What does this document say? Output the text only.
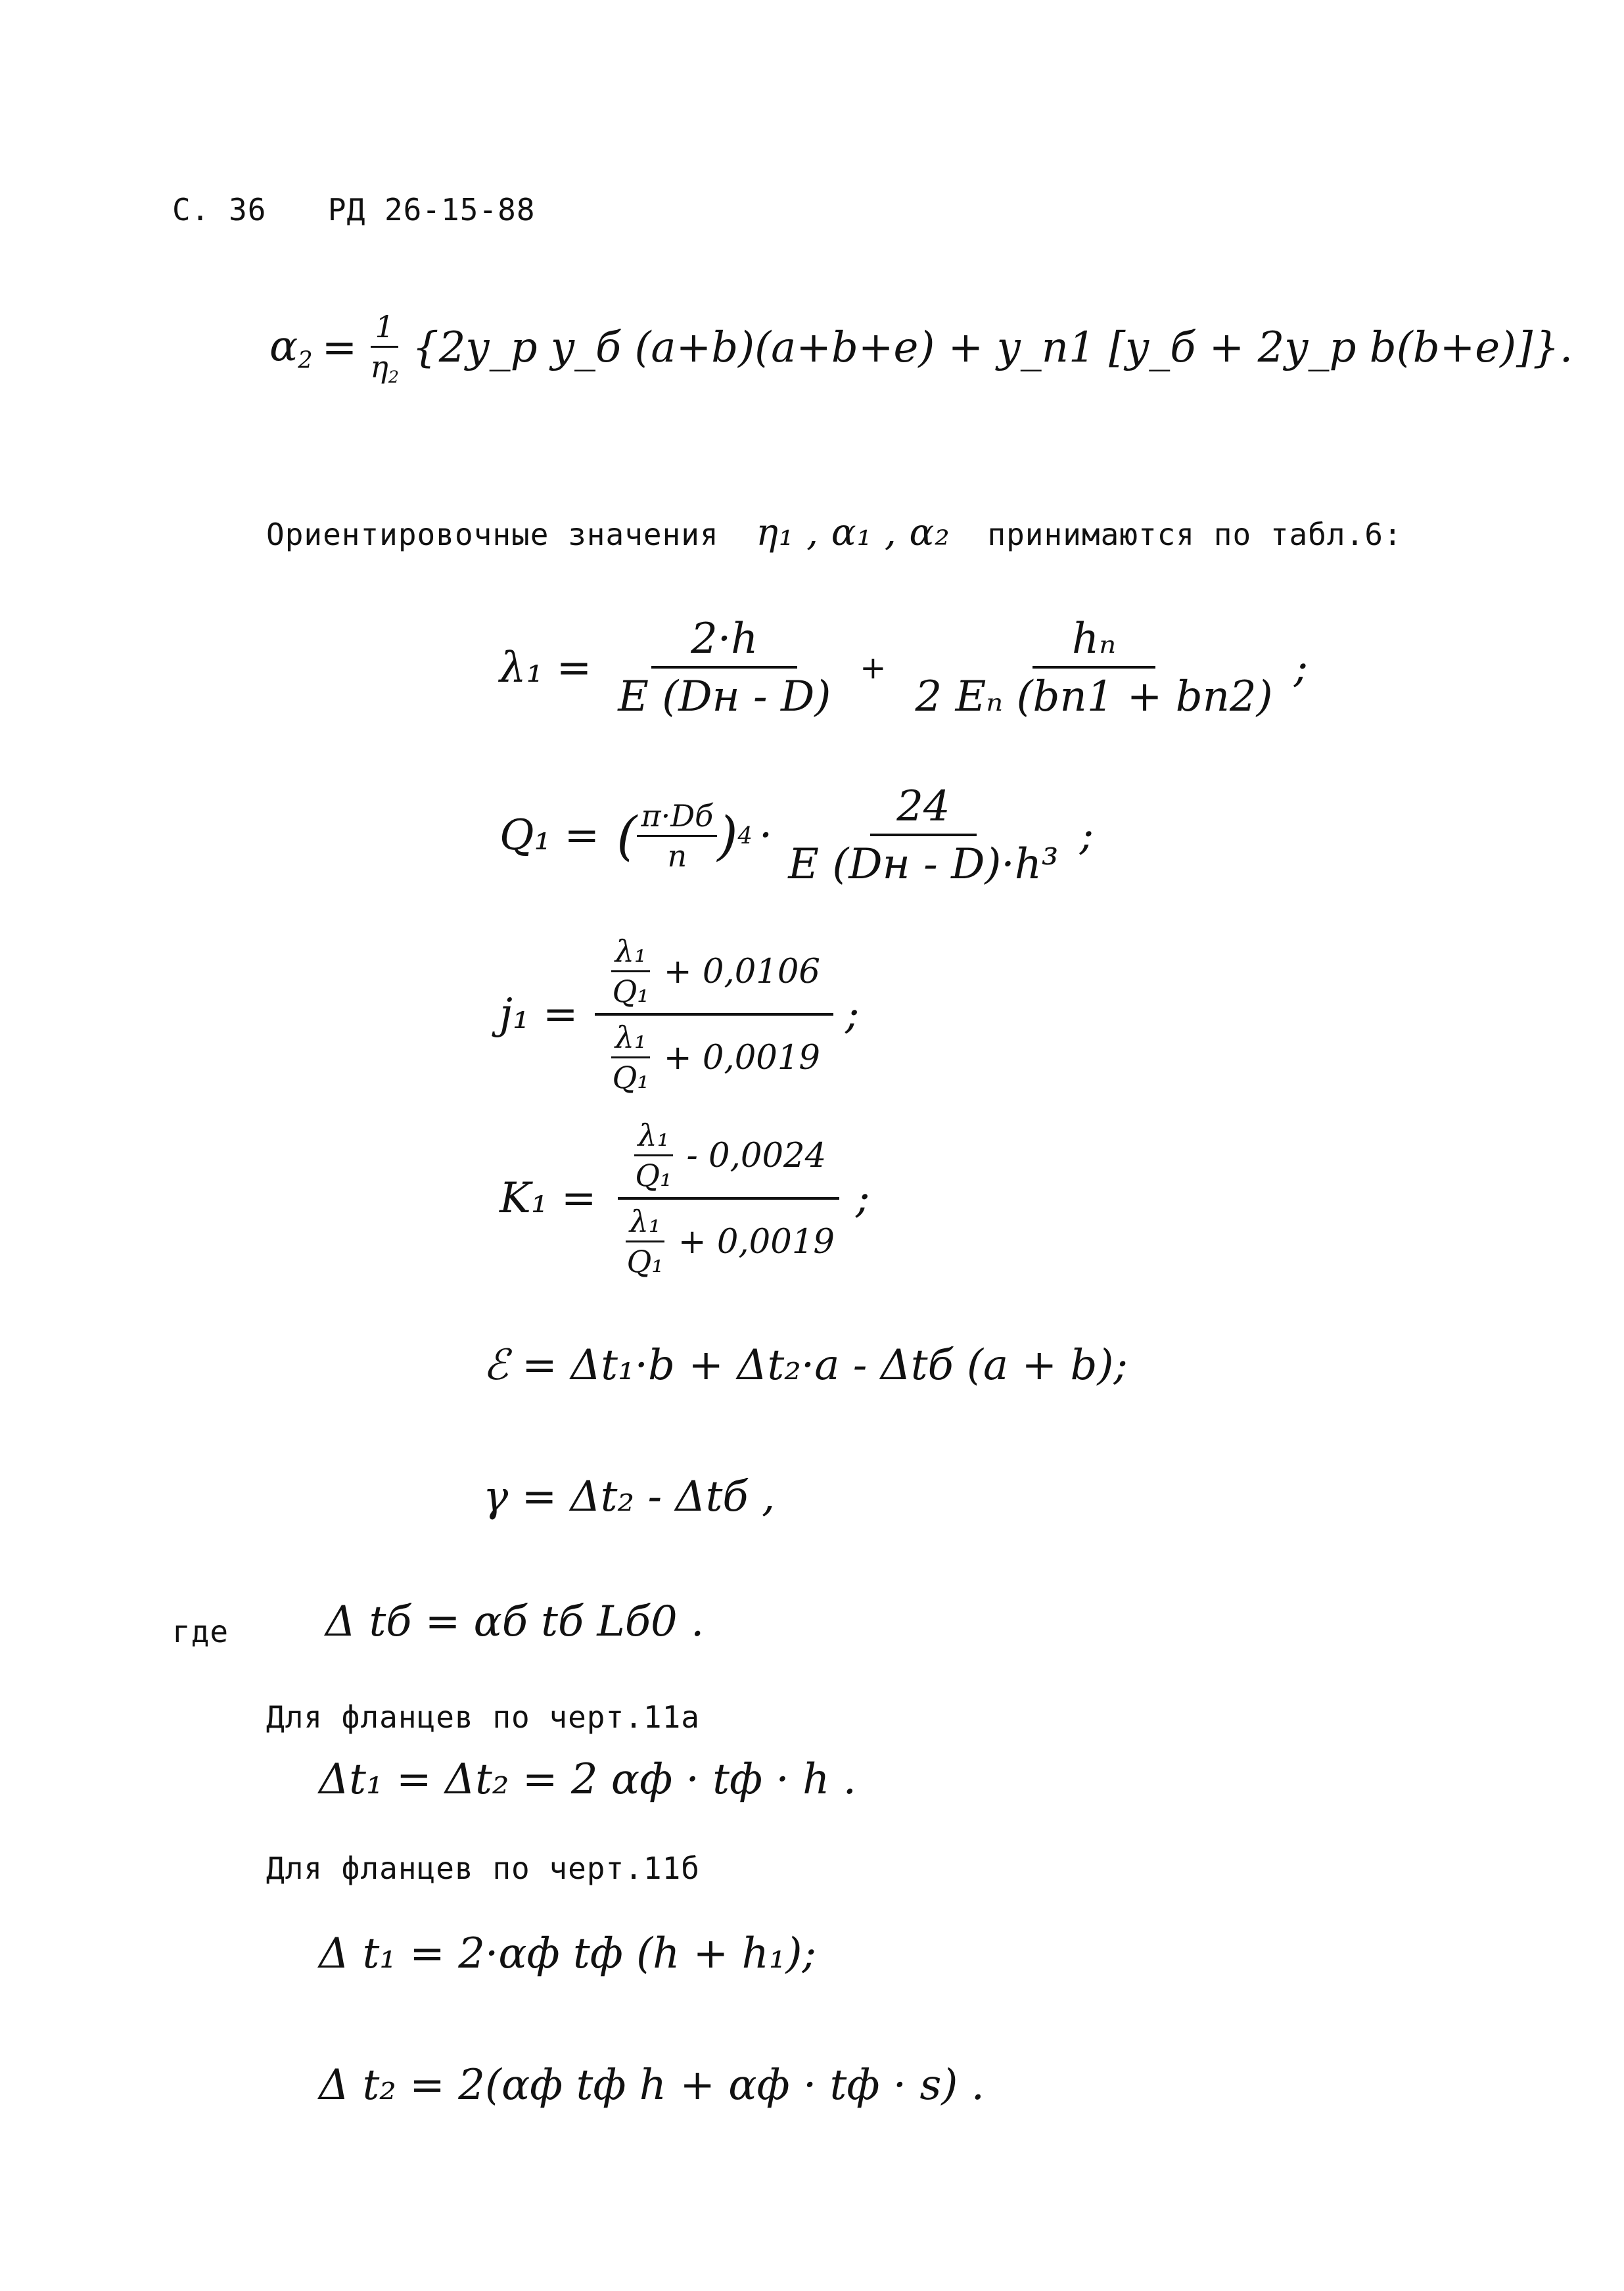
С. 36 РД 26-15-88
$\alpha_2 = \frac{1}{\eta_2}$ {2y_p y_б (a+b)(a+b+e) + y_п1 [y_б + 2y_p b(b+e)]}.
Ориентировочные значения η₁ , α₁ , α₂ принимаются по табл.6:
$\lambda_1 = \frac{2\cdot h}{E (Dн - D)} + \frac{\text{hₙ}}{\text{2 Eₙ (bп1 + bп2)}}$ ;
Q₁ = ( $\frac{\pi\cdot Dб}{n}$ ) $4 \cdot \frac{24}{\text{E (Dн - D)·h³}}$ ;
$j_1 = \frac{\frac{\text{λ₁}}{\text{Q₁}} + 0,0106}{\frac{\text{λ₁}}{\text{Q₁}} + 0,0019}$ ;
$K_1 = \frac{\frac{\text{λ₁}}{\text{Q₁}} - 0,0024}{\frac{\text{λ₁}}{\text{Q₁}} + 0,0019}$ ;
ℰ = Δt₁·b + Δt₂·a - Δtб (a + b);
γ = Δt₂ - Δtб ,
где Δ tб = αб tб Lб0 .
Для фланцев по черт.11а
Δt₁ = Δt₂ = 2 αф · tф · h .
Для фланцев по черт.11б
Δ t₁ = 2·αф tф (h + h₁);
Δ t₂ = 2(αф tф h + αф · tф · s) .
